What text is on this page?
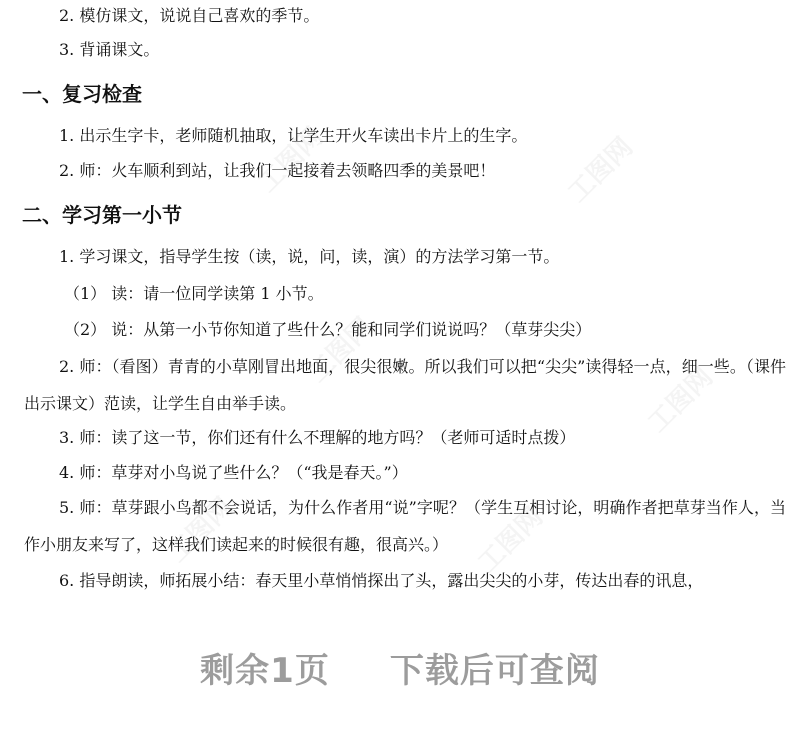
工图网	工图网
工图网
工图网
工图网	工图网
2. 模仿课文，说说自己喜欢的季节。
3. 背诵课文。
一、复习检查
1. 出示生字卡，老师随机抽取，让学生开火车读出卡片上的生字。
2. 师：火车顺利到站，让我们一起接着去领略四季的美景吧！
二、学习第一小节
1. 学习课文，指导学生按（读，说，问，读，演）的方法学习第一节。
（1） 读：请一位同学读第 1 小节。
（2） 说：从第一小节你知道了些什么？能和同学们说说吗？（草芽尖尖）
2. 师：（看图）青青的小草刚冒出地面，很尖很嫩。所以我们可以把“尖尖”读得轻一点，细一些。（课件出示课文）范读，让学生自由举手读。
3. 师：读了这一节，你们还有什么不理解的地方吗？（老师可适时点拨）
4. 师：草芽对小鸟说了些什么？（“我是春天。”）
5. 师：草芽跟小鸟都不会说话，为什么作者用“说”字呢？（学生互相讨论，明确作者把草芽当作人，当作小朋友来写了，这样我们读起来的时候很有趣，很高兴。）
6. 指导朗读，师拓展小结：春天里小草悄悄探出了头，露出尖尖的小芽，传达出春的讯息，
剩余1页 下载后可查阅
